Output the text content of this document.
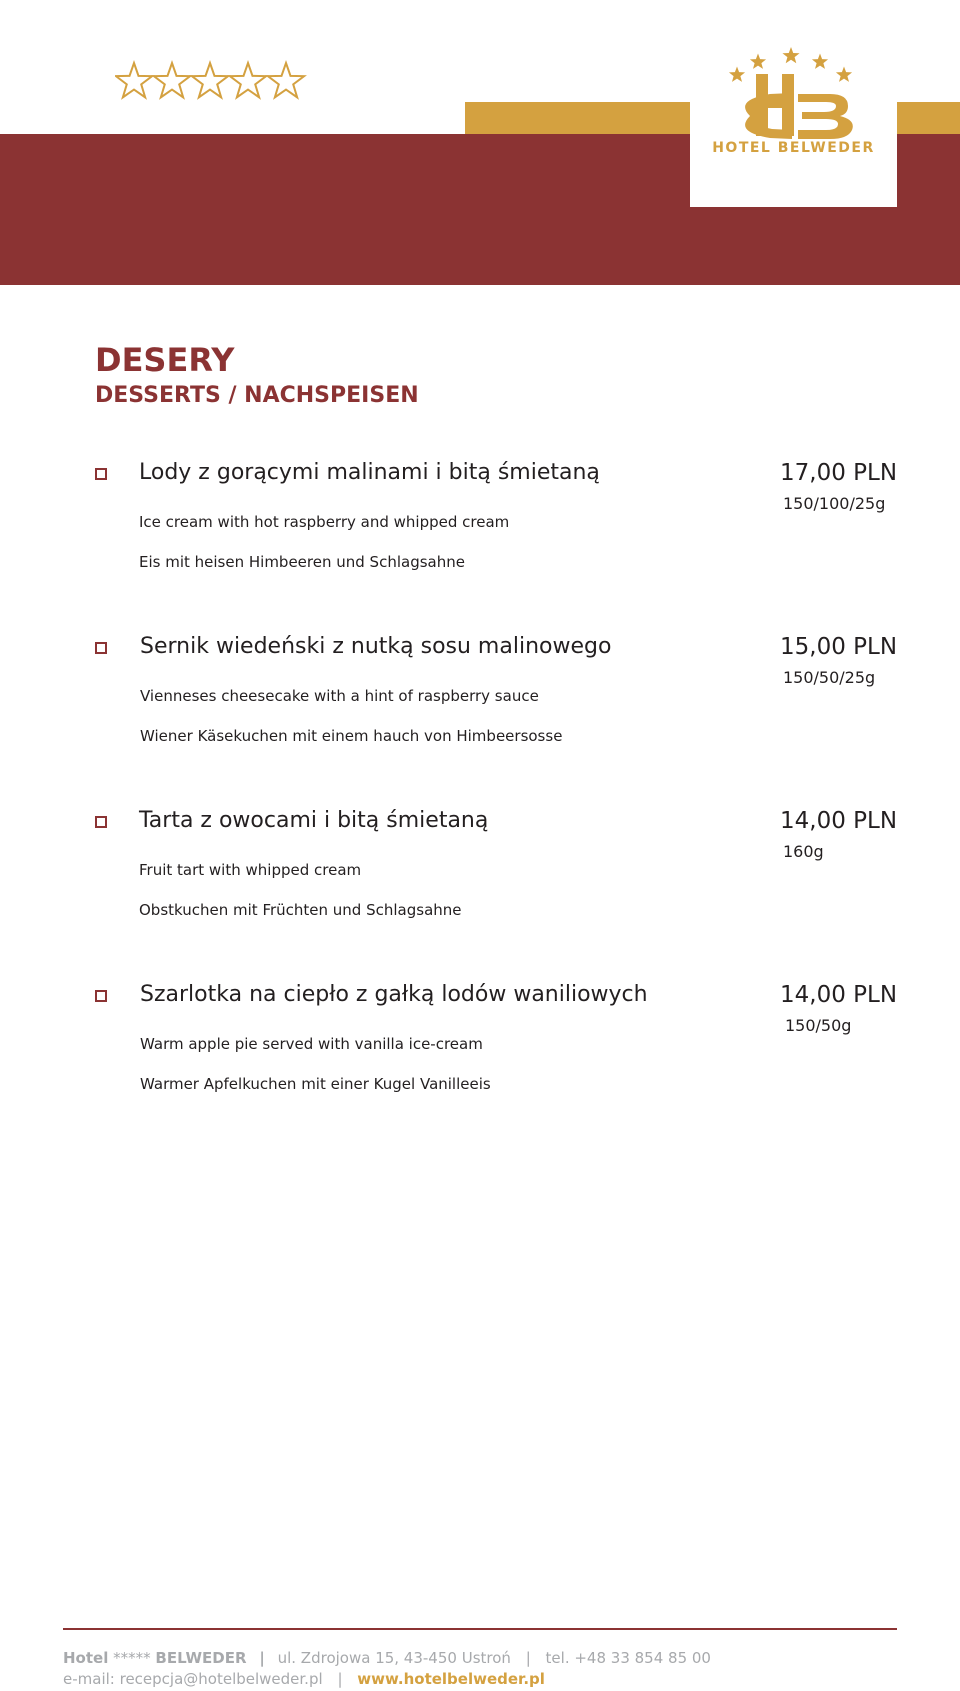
HOTEL BELWEDER

DESERY
DESSERTS / NACHSPEISEN

Lody z gorącymi malinami i bitą śmietaną

Ice cream with hot raspberry and whipped cream

Eis mit heisen Himbeeren und Schlagsahne

17,00 PLN

150/100/25g

Sernik wiedeński z nutką sosu malinowego

Vienneses cheesecake with a hint of raspberry sauce

Wiener Käsekuchen mit einem hauch von Himbeersosse

15,00 PLN

150/50/25g

Tarta z owocami i bitą śmietaną

Fruit tart with whipped cream

Obstkuchen mit Früchten und Schlagsahne

14,00 PLN

160g

Szarlotka na ciepło z gałką lodów waniliowych

Warm apple pie served with vanilla ice-cream

Warmer Apfelkuchen mit einer Kugel Vanilleeis

14,00 PLN

150/50g

Hotel ***** BELWEDER | ul. Zdrojowa 15, 43-450 Ustroń | tel. +48 33 854 85 00

e-mail: recepcja@hotelbelweder.pl | www.hotelbelweder.pl
